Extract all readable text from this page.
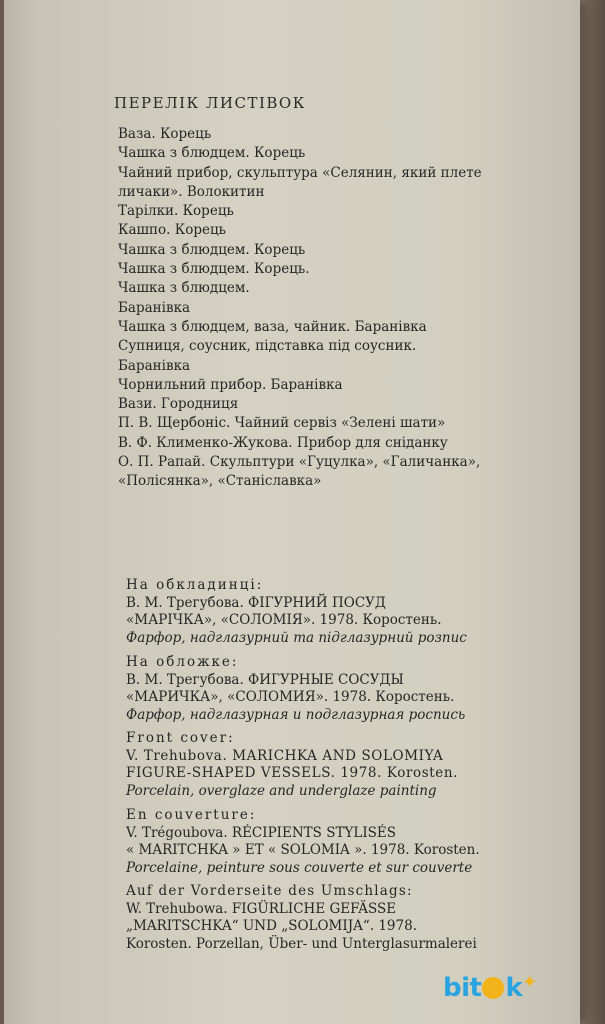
ПЕРЕЛІК ЛИСТІВОК
Ваза. Корець
Чашка з блюдцем. Корець
Чайний прибор, скульптура «Селянин, який плете
личаки». Волокитин
Тарілки. Корець
Кашпо. Корець
Чашка з блюдцем. Корець
Чашка з блюдцем. Корець.
Чашка з блюдцем.
Баранівка
Чашка з блюдцем, ваза, чайник. Баранівка
Супниця, соусник, підставка під соусник.
Баранівка
Чорнильний прибор. Баранівка
Вази. Городниця
П. В. Щербоніс. Чайний сервіз «Зелені шати»
В. Ф. Клименко-Жукова. Прибор для сніданку
О. П. Рапай. Скульптури «Гуцулка», «Галичанка»,
«Полісянка», «Станіславка»
На обкладинці:
В. М. Трегубова. ФІГУРНИЙ ПОСУД
«МАРІЧКА», «СОЛОМІЯ». 1978. Коростень.
Фарфор, надглазурний та підглазурний розпис
На обложке:
В. М. Трегубова. ФИГУРНЫЕ СОСУДЫ
«МАРИЧКА», «СОЛОМИЯ». 1978. Коростень.
Фарфор, надглазурная и подглазурная роспись
Front cover:
V. Trehubova. MARICHKA AND SOLOMIYA
FIGURE-SHAPED VESSELS. 1978. Korosten.
Porcelain, overglaze and underglaze painting
En couverture:
V. Trégoubova. RÉCIPIENTS STYLISÉS
« MARITCHKA » ET « SOLOMIA ». 1978. Korosten.
Porcelaine, peinture sous couverte et sur couverte
Auf der Vorderseite des Umschlags:
W. Trehubowa. FIGÜRLICHE GEFÄSSE
„MARITSCHKA“ UND „SOLOMIJA“. 1978.
Korosten. Porzellan, Über- und Unterglasurmalerei
bit k✦
